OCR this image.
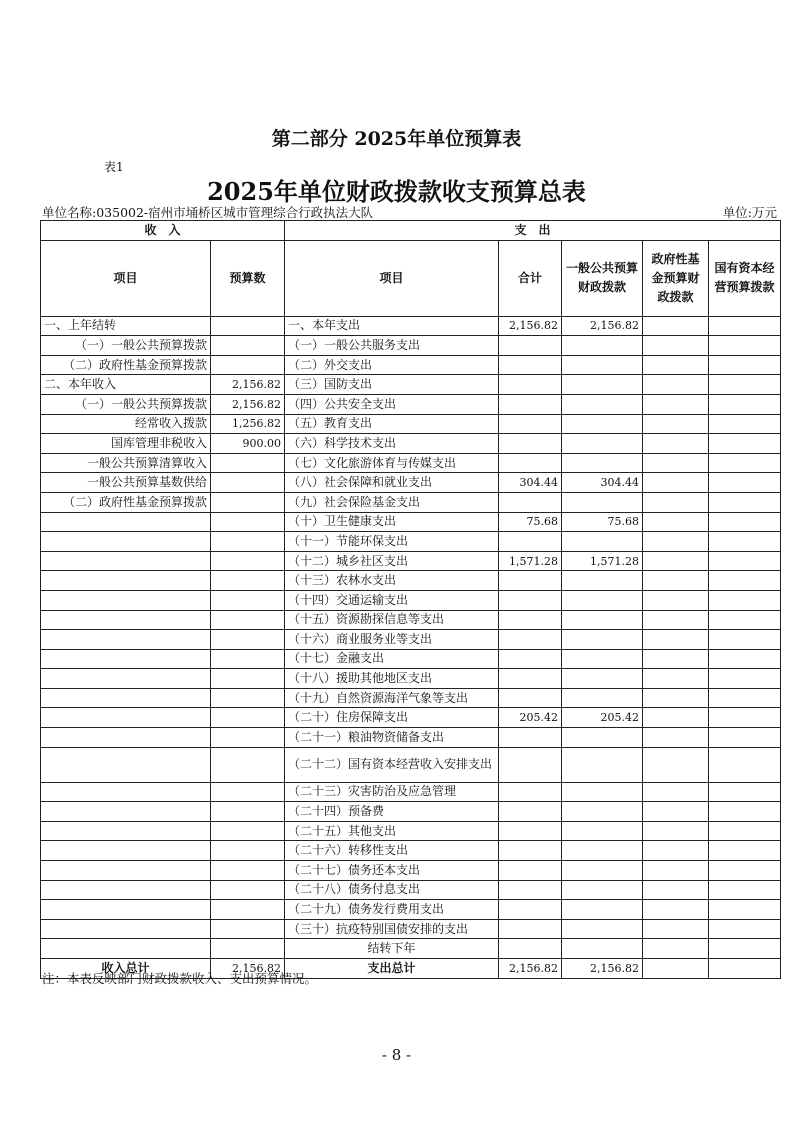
第二部分 2025年单位预算表
表1
2025年单位财政拨款收支预算总表
单位名称:035002-宿州市埇桥区城市管理综合行政执法大队	单位:万元
收　入		支　出				
项目	预算数	项目	合计	一般公共预算财政拨款	政府性基金预算财政拨款	国有资本经营预算拨款
一、上年结转		一、本年支出	2,156.82	2,156.82		
（一）一般公共预算拨款		（一）一般公共服务支出				
（二）政府性基金预算拨款		（二）外交支出				
二、本年收入	2,156.82	（三）国防支出				
（一）一般公共预算拨款	2,156.82	（四）公共安全支出				
经常收入拨款	1,256.82	（五）教育支出				
国库管理非税收入	900.00	（六）科学技术支出				
一般公共预算清算收入		（七）文化旅游体育与传媒支出				
一般公共预算基数供给		（八）社会保障和就业支出	304.44	304.44		
（二）政府性基金预算拨款		（九）社会保险基金支出				
		（十）卫生健康支出	75.68	75.68		
		（十一）节能环保支出				
		（十二）城乡社区支出	1,571.28	1,571.28		
		（十三）农林水支出				
		（十四）交通运输支出				
		（十五）资源勘探信息等支出				
		（十六）商业服务业等支出				
		（十七）金融支出				
		（十八）援助其他地区支出				
		（十九）自然资源海洋气象等支出				
		（二十）住房保障支出	205.42	205.42		
		（二十一）粮油物资储备支出				
		（二十二）国有资本经营收入安排支出				
		（二十三）灾害防治及应急管理				
		（二十四）预备费				
		（二十五）其他支出				
		（二十六）转移性支出				
		（二十七）债务还本支出				
		（二十八）债务付息支出				
		（二十九）债务发行费用支出				
		（三十）抗疫特别国债安排的支出				
		结转下年				
收入总计	2,156.82	支出总计	2,156.82	2,156.82		
注：本表反映部门财政拨款收入、支出预算情况。
- 8 -
